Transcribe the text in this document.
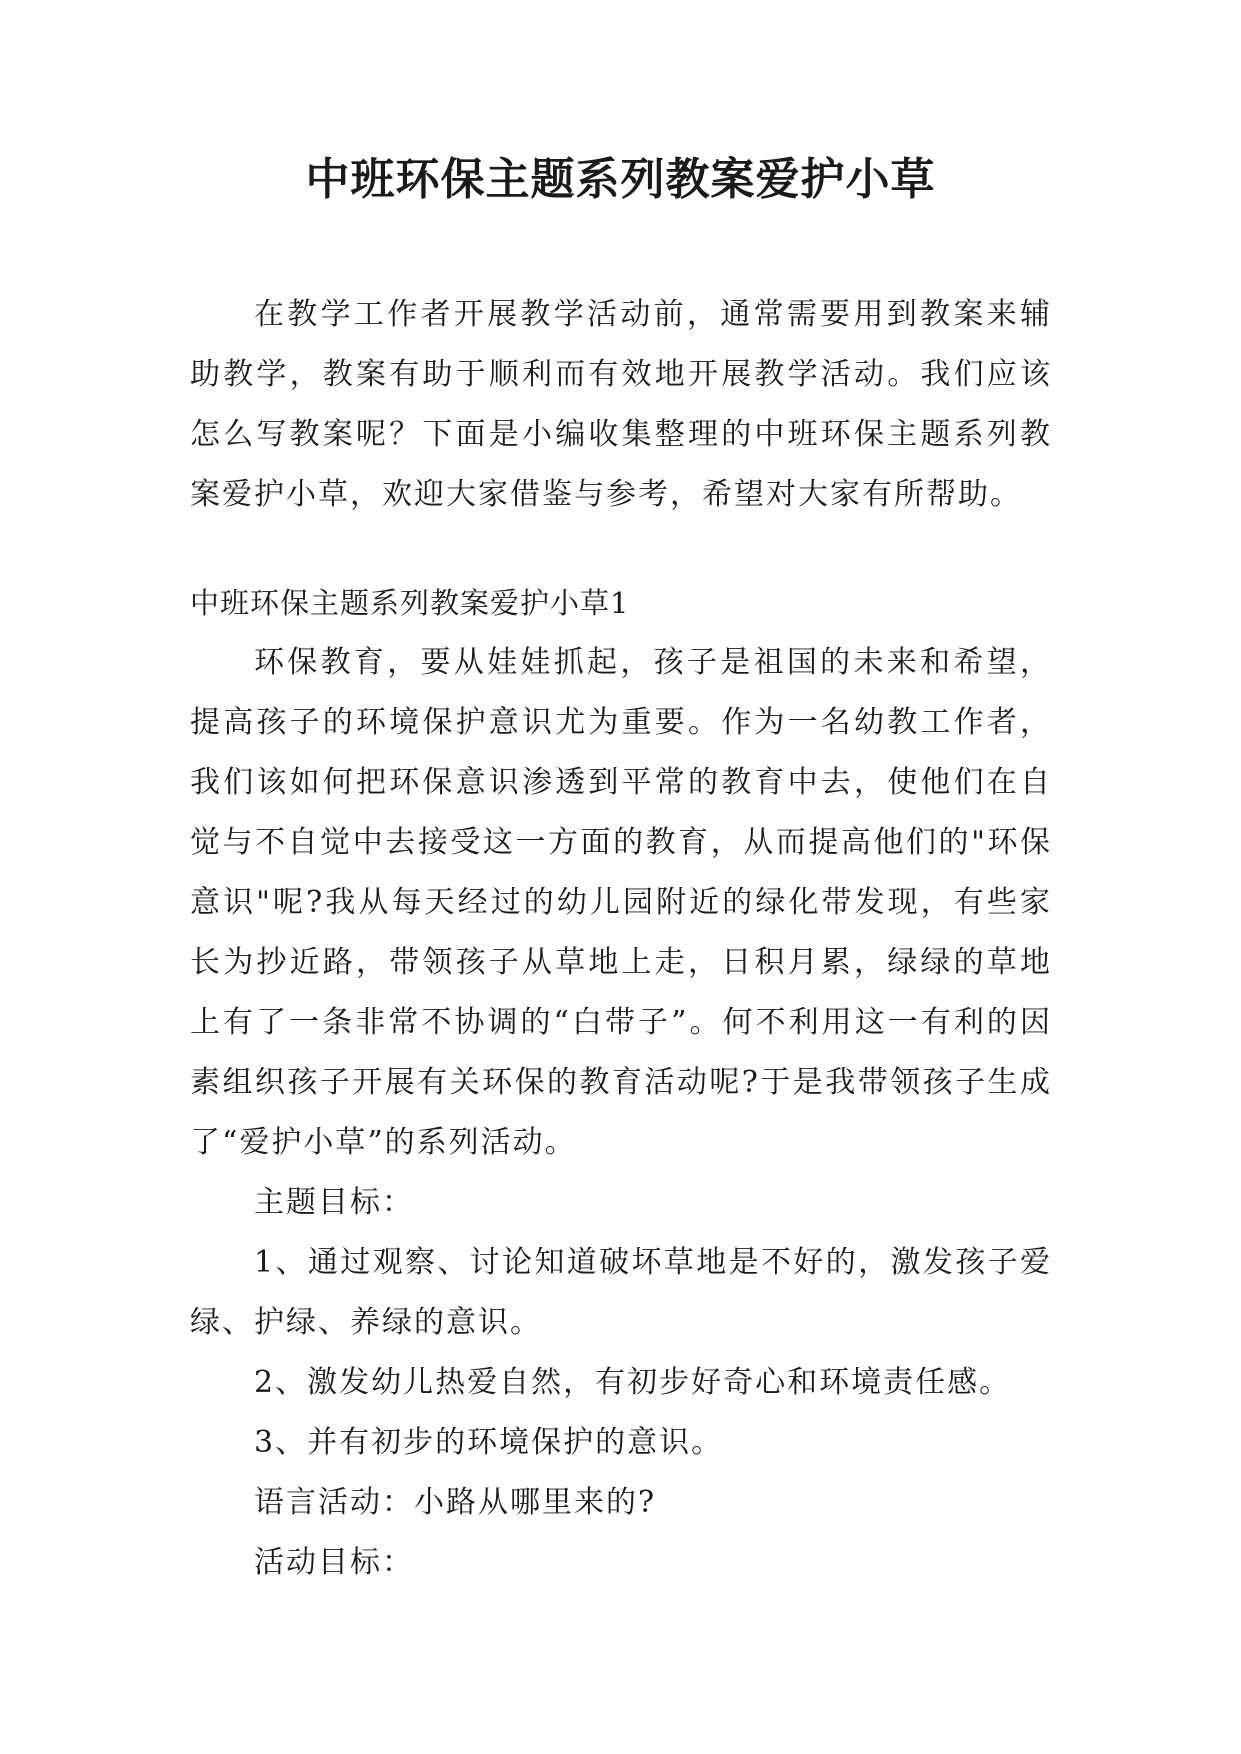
中班环保主题系列教案爱护小草

在教学工作者开展教学活动前，通常需要用到教案来辅助教学，教案有助于顺利而有效地开展教学活动。我们应该怎么写教案呢？下面是小编收集整理的中班环保主题系列教案爱护小草，欢迎大家借鉴与参考，希望对大家有所帮助。

中班环保主题系列教案爱护小草1

环保教育，要从娃娃抓起，孩子是祖国的未来和希望，提高孩子的环境保护意识尤为重要。作为一名幼教工作者，我们该如何把环保意识渗透到平常的教育中去，使他们在自觉与不自觉中去接受这一方面的教育，从而提高他们的"环保意识"呢?我从每天经过的幼儿园附近的绿化带发现，有些家长为抄近路，带领孩子从草地上走，日积月累，绿绿的草地上有了一条非常不协调的“白带子”。何不利用这一有利的因素组织孩子开展有关环保的教育活动呢?于是我带领孩子生成了“爱护小草”的系列活动。

主题目标：

1、通过观察、讨论知道破坏草地是不好的，激发孩子爱绿、护绿、养绿的意识。

2、激发幼儿热爱自然，有初步好奇心和环境责任感。

3、并有初步的环境保护的意识。

语言活动：小路从哪里来的?

活动目标：
